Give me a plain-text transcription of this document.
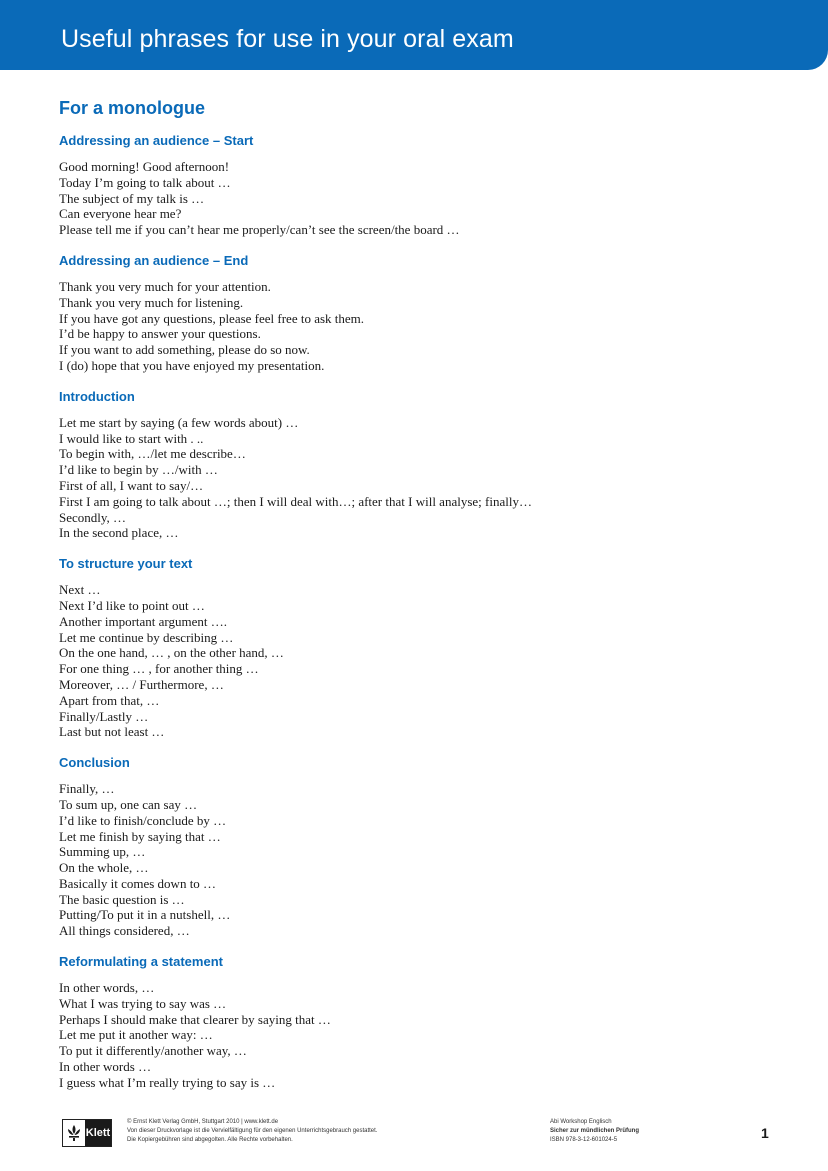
Useful phrases for use in your oral exam
For a monologue
Addressing an audience – Start
Good morning! Good afternoon!
Today I’m going to talk about …
The subject of my talk is …
Can everyone hear me?
Please tell me if you can’t hear me properly/can’t see the screen/the board …
Addressing an audience – End
Thank you very much for your attention.
Thank you very much for listening.
If you have got any questions, please feel free to ask them.
I’d be happy to answer your questions.
If you want to add something, please do so now.
I (do) hope that you have enjoyed my presentation.
Introduction
Let me start by saying (a few words about) …
I would like to start with . ..
To begin with, …/let me describe…
I’d like to begin by …/with …
First of all, I want to say/…
First I am going to talk about …; then I will deal with…; after that I will analyse; finally…
Secondly, …
In the second place, …
To structure your text
Next …
Next I’d like to point out …
Another important argument ….
Let me continue by describing …
On the one hand, … , on the other hand, …
For one thing … , for another thing …
Moreover, … / Furthermore, …
Apart from that, …
Finally/Lastly …
Last but not least …
Conclusion
Finally, …
To sum up, one can say …
I’d like to finish/conclude by …
Let me finish by saying that …
Summing up, …
On the whole, …
Basically it comes down to …
The basic question is …
Putting/To put it in a nutshell, …
All things considered, …
Reformulating a statement
In other words, …
What I was trying to say was …
Perhaps I should make that clearer by saying that …
Let me put it another way: …
To put it differently/another way, …
In other words …
I guess what I’m really trying to say is …
Klett
© Ernst Klett Verlag GmbH, Stuttgart 2010 | www.klett.de
Von dieser Druckvorlage ist die Vervielfältigung für den eigenen Unterrichtsgebrauch gestattet.
Die Kopiergebühren sind abgegolten. Alle Rechte vorbehalten.
Abi Workshop Englisch
Sicher zur mündlichen Prüfung
ISBN 978-3-12-601024-5	1
